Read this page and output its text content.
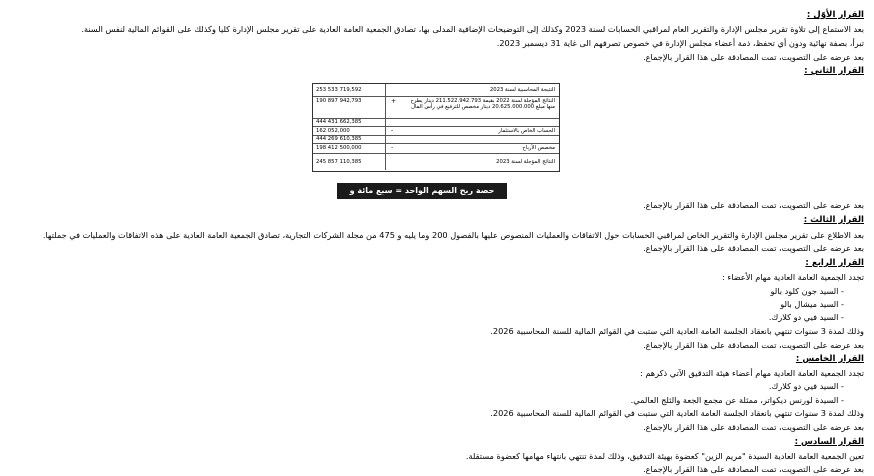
القرار الأوّل :
بعد الاستماع إلى تلاوة تقرير مجلس الإدارة والتقرير العام لمراقبي الحسابات لسنة 2023 وكذلك إلى التوضيحات الإضافية المدلى بها، تصادق الجمعية العامة العادية على تقرير مجلس الإدارة كليا وكذلك على القوائم المالية لنفس السنة.
تبرأ، بصفة نهائية ودون أي تحفظ، ذمة أعضاء مجلس الإدارة في خصوص تصرفهم الى غاية 31 ديسمبر 2023.
بعد عرضه على التصويت، تمت المصادقة على هذا القرار بالإجماع.
القرار الثاني :
253 533 719,592	النتيجة المحاسبية لسنة 2023
190 897 942,793	+	النتائج المؤجلة لسنة 2022 بقيمة 211.522.942.793 دينار يطرح منها مبلغ 20.625.000.000 دينار مخصص للترفيع في رأس المال
444 431 662,385
162 052,000	-	الحساب الخاص بالاستثمار
444 269 610,385
198 412 500,000	-	مخصص الأرباح
245 857 110,385	النتائج المؤجلة لسنة 2023
حصة ربح السهم الواحد = سبع مائة و أربعون مليما ( 0,740 د)	بعد عرضه على التصويت، تمت المصادقة على هذا القرار بالإجماع.
القرار الثالث :
بعد الاطلاع على تقرير مجلس الإدارة والتقرير الخاص لمراقبي الحسابات حول الاتفاقات والعمليات المنصوص عليها بالفصول 200 وما يليه و 475 من مجلة الشركات التجارية، تصادق الجمعية العامة العادية على هذه الاتفاقات والعمليات في جملتها.
بعد عرضه على التصويت، تمت المصادقة على هذا القرار بالإجماع.
القرار الرابع :
تجدد الجمعية العامة العادية مهام الأعضاء :
- السيد جون كلود بالو
- السيد ميشال بالو
- السيد فيي دو كلارك.
وذلك لمدة 3 سنوات تنتهي بانعقاد الجلسة العامة العادية التي ستبت في القوائم المالية للسنة المحاسبية 2026.
بعد عرضه على التصويت، تمت المصادقة على هذا القرار بالإجماع.
القرار الخامس :
تجدد الجمعية العامة العادية مهام أعضاء هيئة التدقيق الآتي ذكرهم :
- السيد فيي دو كلارك.
- السيدة لورنس ديكواتر، ممثلة عن مجمع الجعة والثلج العالمي.
وذلك لمدة 3 سنوات تنتهي بانعقاد الجلسة العامة العادية التي ستبت في القوائم المالية للسنة المحاسبية 2026.
بعد عرضه على التصويت، تمت المصادقة على هذا القرار بالإجماع.
القرار السادس :
تعين الجمعية العامة العادية السيدة "مريم الزين" كعضوة بهيئة التدقيق، وذلك لمدة تنتهي بانتهاء مهامها كعضوة مستقلة.
بعد عرضه على التصويت، تمت المصادقة على هذا القرار بالإجماع.
